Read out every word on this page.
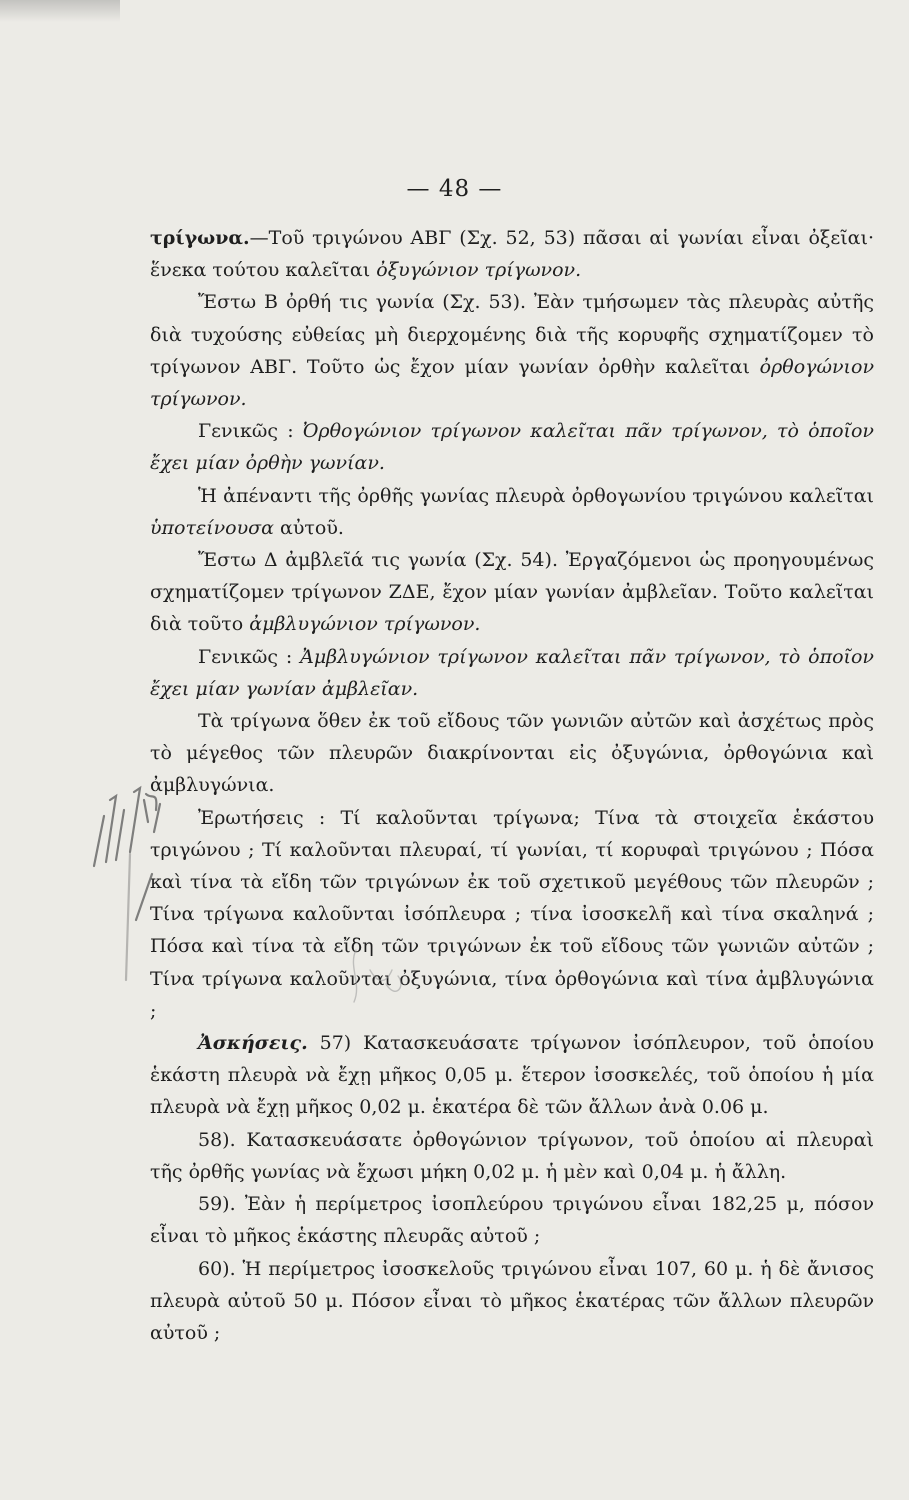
— 48 —

τρίγωνα.—Τοῦ τριγώνου ΑΒΓ (Σχ. 52, 53) πᾶσαι αἱ γωνίαι εἶναι ὀξεῖαι· ἕνεκα τούτου καλεῖται ὀξυγώνιον τρίγωνον.

Ἔστω Β ὀρθή τις γωνία (Σχ. 53). Ἐὰν τμήσωμεν τὰς πλευρὰς αὐτῆς διὰ τυχούσης εὐθείας μὴ διερχομένης διὰ τῆς κορυφῆς σχηματίζομεν τὸ τρίγωνον ΑΒΓ. Τοῦτο ὡς ἔχον μίαν γωνίαν ὀρθὴν καλεῖται ὀρθογώνιον τρίγωνον.

Γενικῶς : Ὀρθογώνιον τρίγωνον καλεῖται πᾶν τρίγωνον, τὸ ὁποῖον ἔχει μίαν ὀρθὴν γωνίαν.

Ἡ ἀπέναντι τῆς ὀρθῆς γωνίας πλευρὰ ὀρθογωνίου τριγώνου καλεῖται ὑποτείνουσα αὐτοῦ.

Ἔστω Δ ἀμβλεῖά τις γωνία (Σχ. 54). Ἐργαζόμενοι ὡς προηγουμένως σχηματίζομεν τρίγωνον ΖΔΕ, ἔχον μίαν γωνίαν ἀμβλεῖαν. Τοῦτο καλεῖται διὰ τοῦτο ἀμβλυγώνιον τρίγωνον.

Γενικῶς : Ἀμβλυγώνιον τρίγωνον καλεῖται πᾶν τρίγωνον, τὸ ὁποῖον ἔχει μίαν γωνίαν ἀμβλεῖαν.

Τὰ τρίγωνα ὅθεν ἐκ τοῦ εἴδους τῶν γωνιῶν αὐτῶν καὶ ἀσχέτως πρὸς τὸ μέγεθος τῶν πλευρῶν διακρίνονται εἰς ὀξυγώνια, ὀρθογώνια καὶ ἀμβλυγώνια.

Ἐρωτήσεις : Τί καλοῦνται τρίγωνα; Τίνα τὰ στοιχεῖα ἑκάστου τριγώνου ; Τί καλοῦνται πλευραί, τί γωνίαι, τί κορυφαὶ τριγώνου ; Πόσα καὶ τίνα τὰ εἴδη τῶν τριγώνων ἐκ τοῦ σχετικοῦ μεγέθους τῶν πλευρῶν ; Τίνα τρίγωνα καλοῦνται ἰσόπλευρα ; τίνα ἰσοσκελῆ καὶ τίνα σκαληνά ; Πόσα καὶ τίνα τὰ εἴδη τῶν τριγώνων ἐκ τοῦ εἴδους τῶν γωνιῶν αὐτῶν ; Τίνα τρίγωνα καλοῦνται ὀξυγώνια, τίνα ὀρθογώνια καὶ τίνα ἀμβλυγώνια ;

Ἀσκήσεις. 57) Κατασκευάσατε τρίγωνον ἰσόπλευρον, τοῦ ὁποίου ἑκάστη πλευρὰ νὰ ἔχῃ μῆκος 0,05 μ. ἕτερον ἰσοσκελές, τοῦ ὁποίου ἡ μία πλευρὰ νὰ ἔχῃ μῆκος 0,02 μ. ἑκατέρα δὲ τῶν ἄλλων ἀνὰ 0.06 μ.

58). Κατασκευάσατε ὀρθογώνιον τρίγωνον, τοῦ ὁποίου αἱ πλευραὶ τῆς ὀρθῆς γωνίας νὰ ἔχωσι μήκη 0,02 μ. ἡ μὲν καὶ 0,04 μ. ἡ ἄλλη.

59). Ἐὰν ἡ περίμετρος ἰσοπλεύρου τριγώνου εἶναι 182,25 μ, πόσον εἶναι τὸ μῆκος ἑκάστης πλευρᾶς αὐτοῦ ;

60). Ἡ περίμετρος ἰσοσκελοῦς τριγώνου εἶναι 107, 60 μ. ἡ δὲ ἄνισος πλευρὰ αὐτοῦ 50 μ. Πόσον εἶναι τὸ μῆκος ἑκατέρας τῶν ἄλλων πλευρῶν αὐτοῦ ;
